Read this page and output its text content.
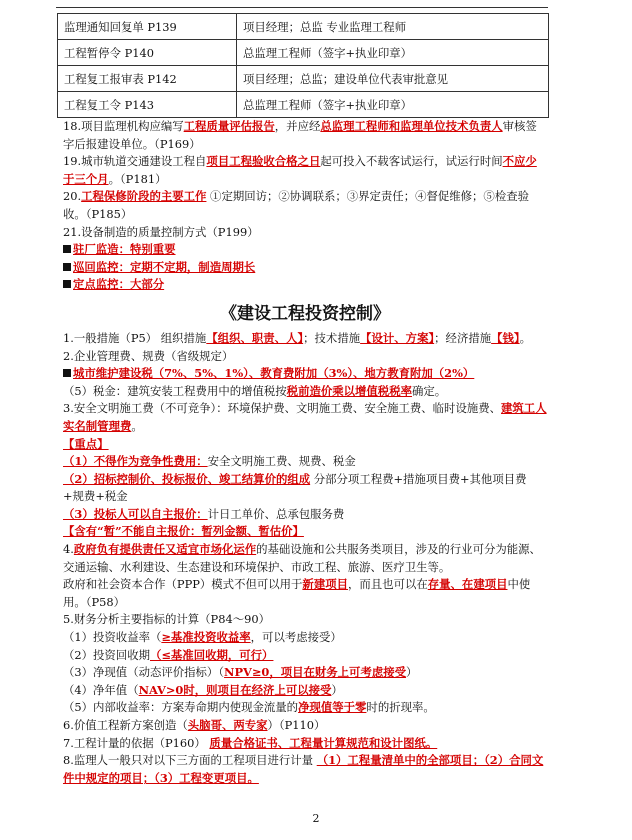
监理通知回复单 P139	项目经理；总监 专业监理工程师
工程暂停令 P140	总监理工程师（签字+执业印章）
工程复工报审表 P142	项目经理；总监；建设单位代表审批意见
工程复工令 P143	总监理工程师（签字+执业印章）

18.项目监理机构应编写工程质量评估报告，并应经总监理工程师和监理单位技术负责人审核签字后报建设单位。（P169）

19.城市轨道交通建设工程自项目工程验收合格之日起可投入不载客试运行，试运行时间不应少于三个月。（P181）

20.工程保修阶段的主要工作 ①定期回访；②协调联系；③界定责任；④督促维修；⑤检查验收。（P185）

21.设备制造的质量控制方式（P199）

驻厂监造：特别重要

巡回监控：定期不定期，制造周期长

定点监控：大部分

《建设工程投资控制》

1.一般措施（P5） 组织措施【组织、职责、人】；技术措施【设计、方案】；经济措施【钱】。

2.企业管理费、规费（省级规定）

城市维护建设税（7%、5%、1%）、教育费附加（3%）、地方教育附加（2%）

（5）税金：建筑安装工程费用中的增值税按税前造价乘以增值税税率确定。

3.安全文明施工费（不可竞争）：环境保护费、文明施工费、安全施工费、临时设施费、建筑工人实名制管理费。

【重点】

（1）不得作为竞争性费用：安全文明施工费、规费、税金

（2）招标控制价、投标报价、竣工结算价的组成 分部分项工程费+措施项目费+其他项目费+规费+税金

（3）投标人可以自主报价：计日工单价、总承包服务费

【含有“暂”不能自主报价：暂列金额、暂估价】

4.政府负有提供责任又适宜市场化运作的基础设施和公共服务类项目，涉及的行业可分为能源、交通运输、水利建设、生态建设和环境保护、市政工程、旅游、医疗卫生等。

政府和社会资本合作（PPP）模式不但可以用于新建项目，而且也可以在存量、在建项目中使用。（P58）

5.财务分析主要指标的计算（P84～90）

（1）投资收益率（≥基准投资收益率，可以考虑接受）

（2）投资回收期（≤基准回收期，可行）

（3）净现值（动态评价指标）（NPV≥0，项目在财务上可考虑接受）

（4）净年值（NAV>0时，则项目在经济上可以接受）

（5）内部收益率：方案寿命期内使现金流量的净现值等于零时的折现率。

6.价值工程新方案创造（头脑哥、两专家）（P110）

7.工程计量的依据（P160） 质量合格证书、工程量计算规范和设计图纸。

8.监理人一般只对以下三方面的工程项目进行计量 （1）工程量清单中的全部项目；（2）合同文件中规定的项目；（3）工程变更项目。

2
